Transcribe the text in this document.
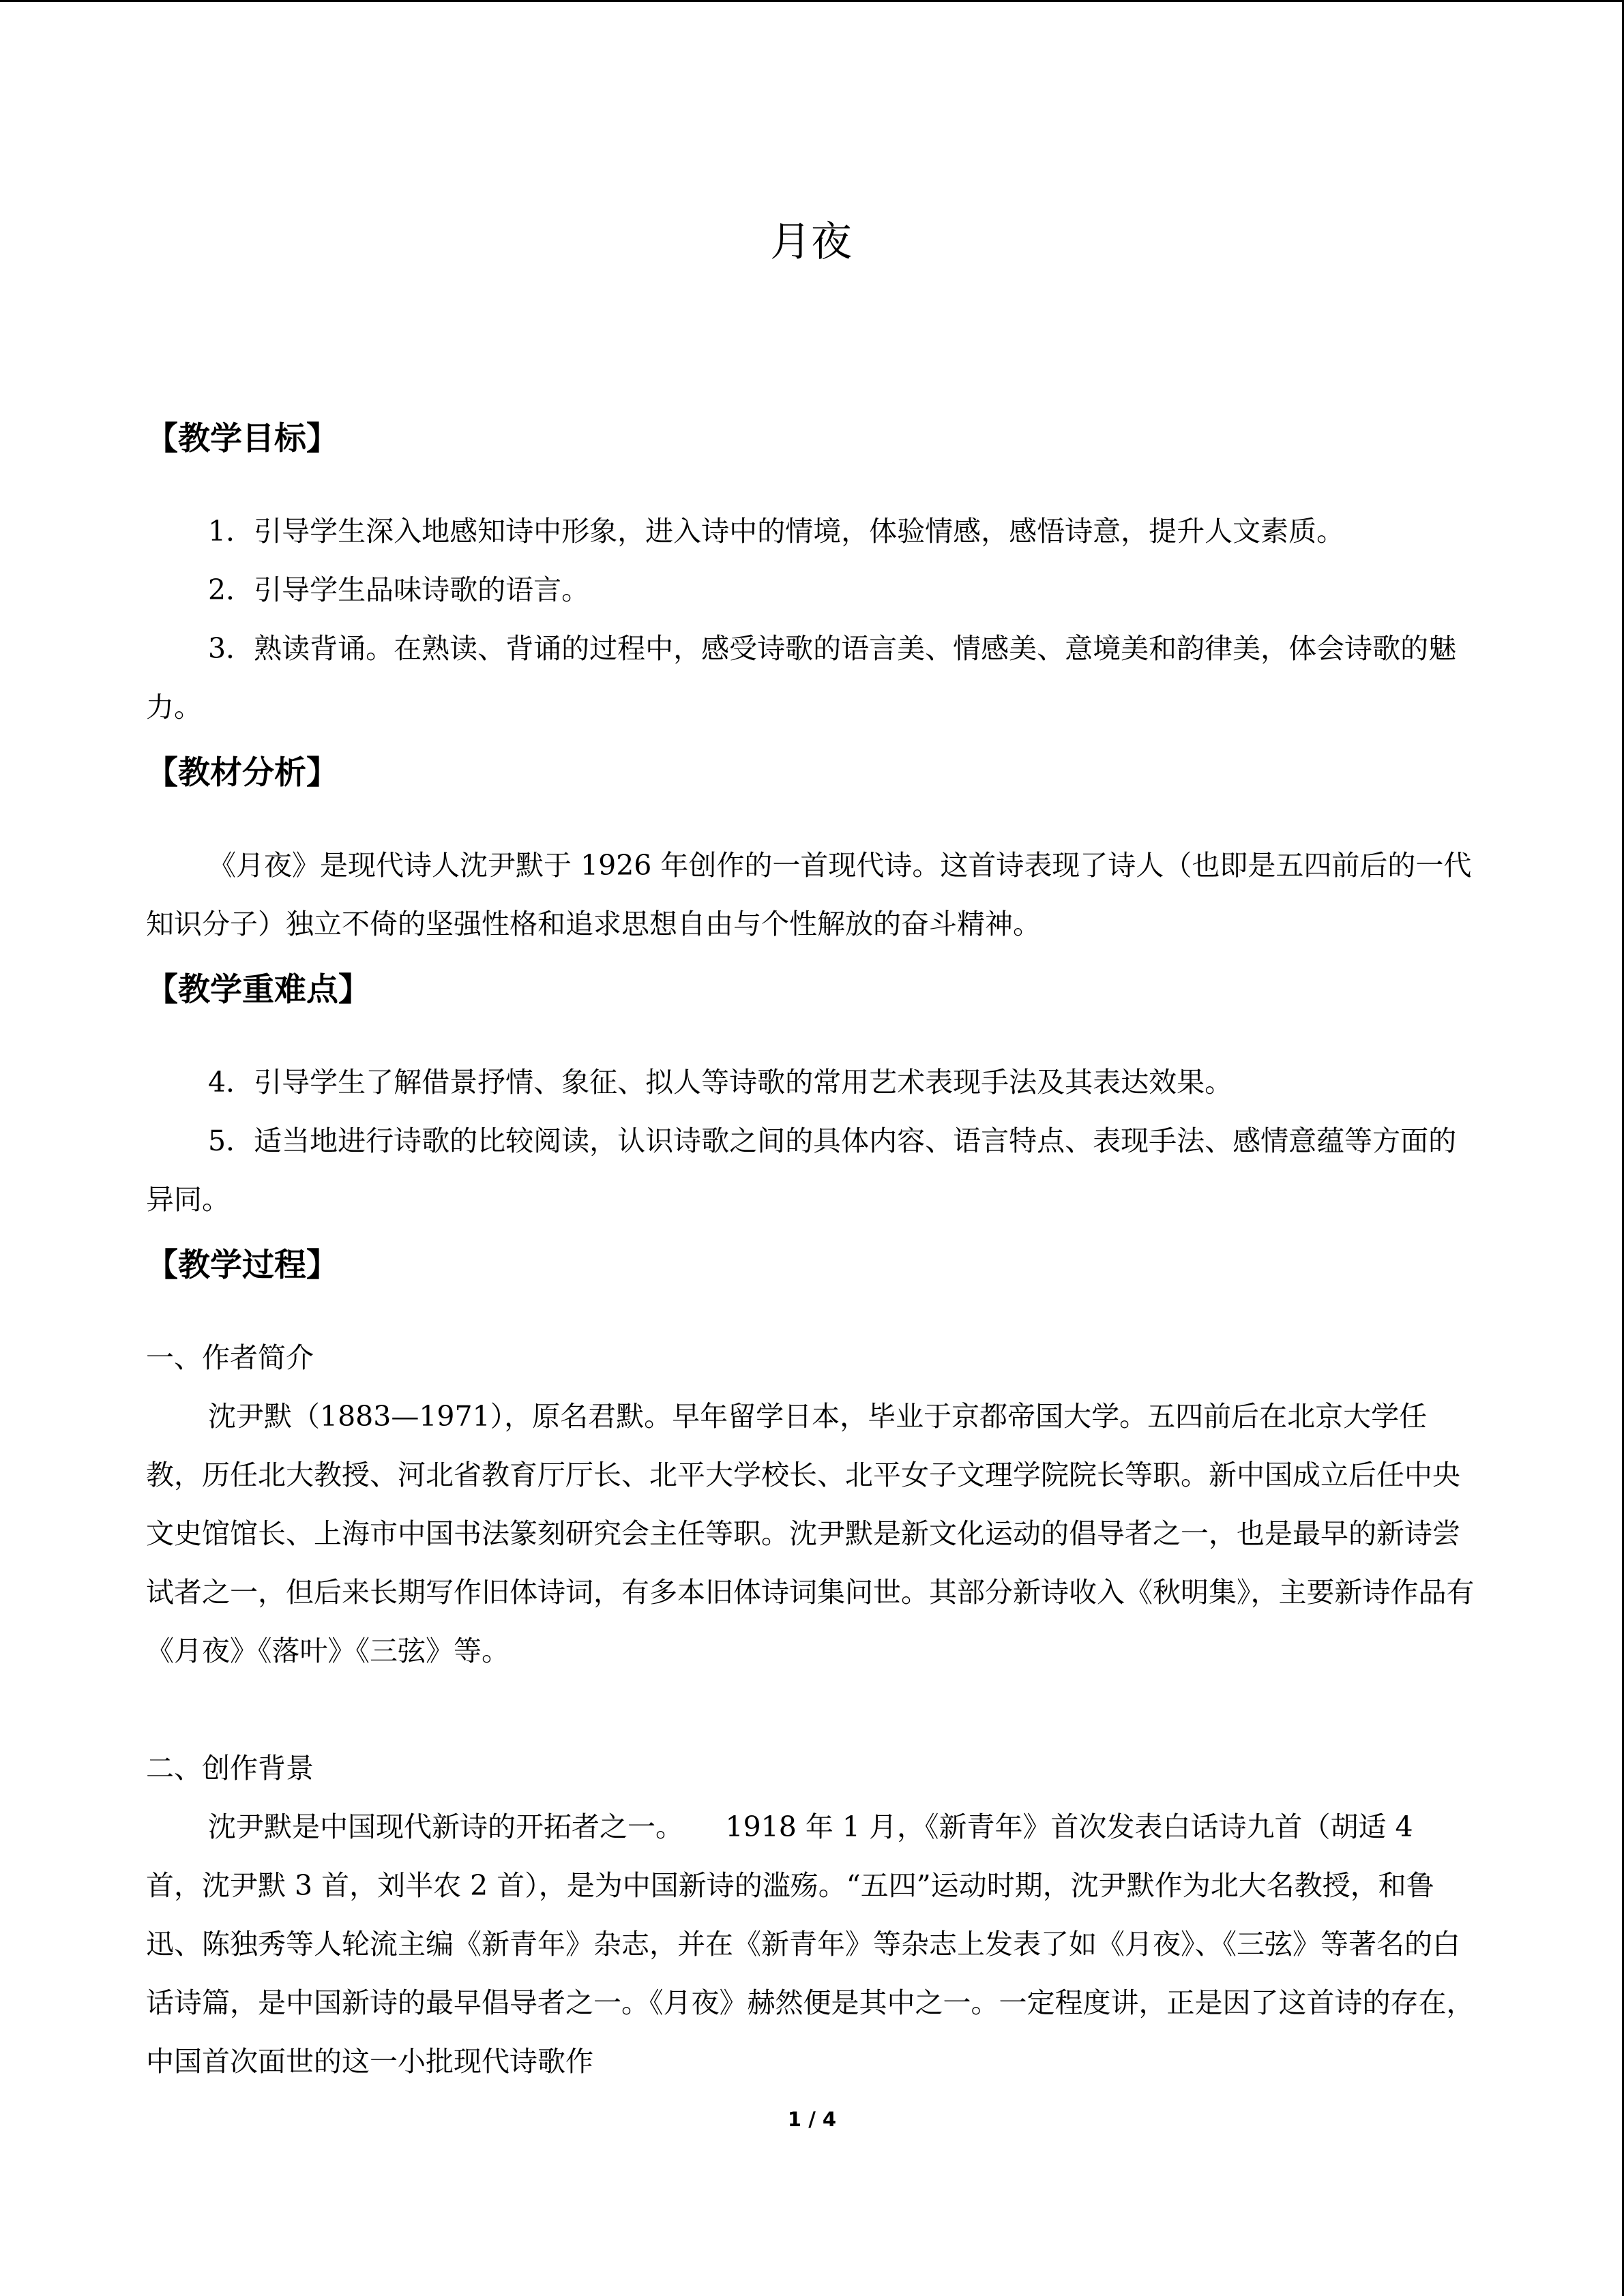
月夜
【教学目标】

1．引导学生深入地感知诗中形象，进入诗中的情境，体验情感，感悟诗意，提升人文素质。

2．引导学生品味诗歌的语言。

3．熟读背诵。在熟读、背诵的过程中，感受诗歌的语言美、情感美、意境美和韵律美，体会诗歌的魅力。

【教材分析】

《月夜》是现代诗人沈尹默于 1926 年创作的一首现代诗。这首诗表现了诗人（也即是五四前后的一代知识分子）独立不倚的坚强性格和追求思想自由与个性解放的奋斗精神。

【教学重难点】

4．引导学生了解借景抒情、象征、拟人等诗歌的常用艺术表现手法及其表达效果。

5．适当地进行诗歌的比较阅读，认识诗歌之间的具体内容、语言特点、表现手法、感情意蕴等方面的异同。

【教学过程】

一、作者简介

沈尹默（1883—1971），原名君默。早年留学日本，毕业于京都帝国大学。五四前后在北京大学任教，历任北大教授、河北省教育厅厅长、北平大学校长、北平女子文理学院院长等职。新中国成立后任中央文史馆馆长、上海市中国书法篆刻研究会主任等职。沈尹默是新文化运动的倡导者之一，也是最早的新诗尝试者之一，但后来长期写作旧体诗词，有多本旧体诗词集问世。其部分新诗收入《秋明集》，主要新诗作品有《月夜》《落叶》《三弦》等。

二、创作背景

沈尹默是中国现代新诗的开拓者之一。　　1918 年 1 月，《新青年》首次发表白话诗九首（胡适 4 首，沈尹默 3 首，刘半农 2 首），是为中国新诗的滥殇。“五四”运动时期，沈尹默作为北大名教授，和鲁迅、陈独秀等人轮流主编《新青年》杂志，并在《新青年》等杂志上发表了如《月夜》、《三弦》等著名的白话诗篇，是中国新诗的最早倡导者之一。《月夜》赫然便是其中之一。一定程度讲，正是因了这首诗的存在，中国首次面世的这一小批现代诗歌作

1 / 4
